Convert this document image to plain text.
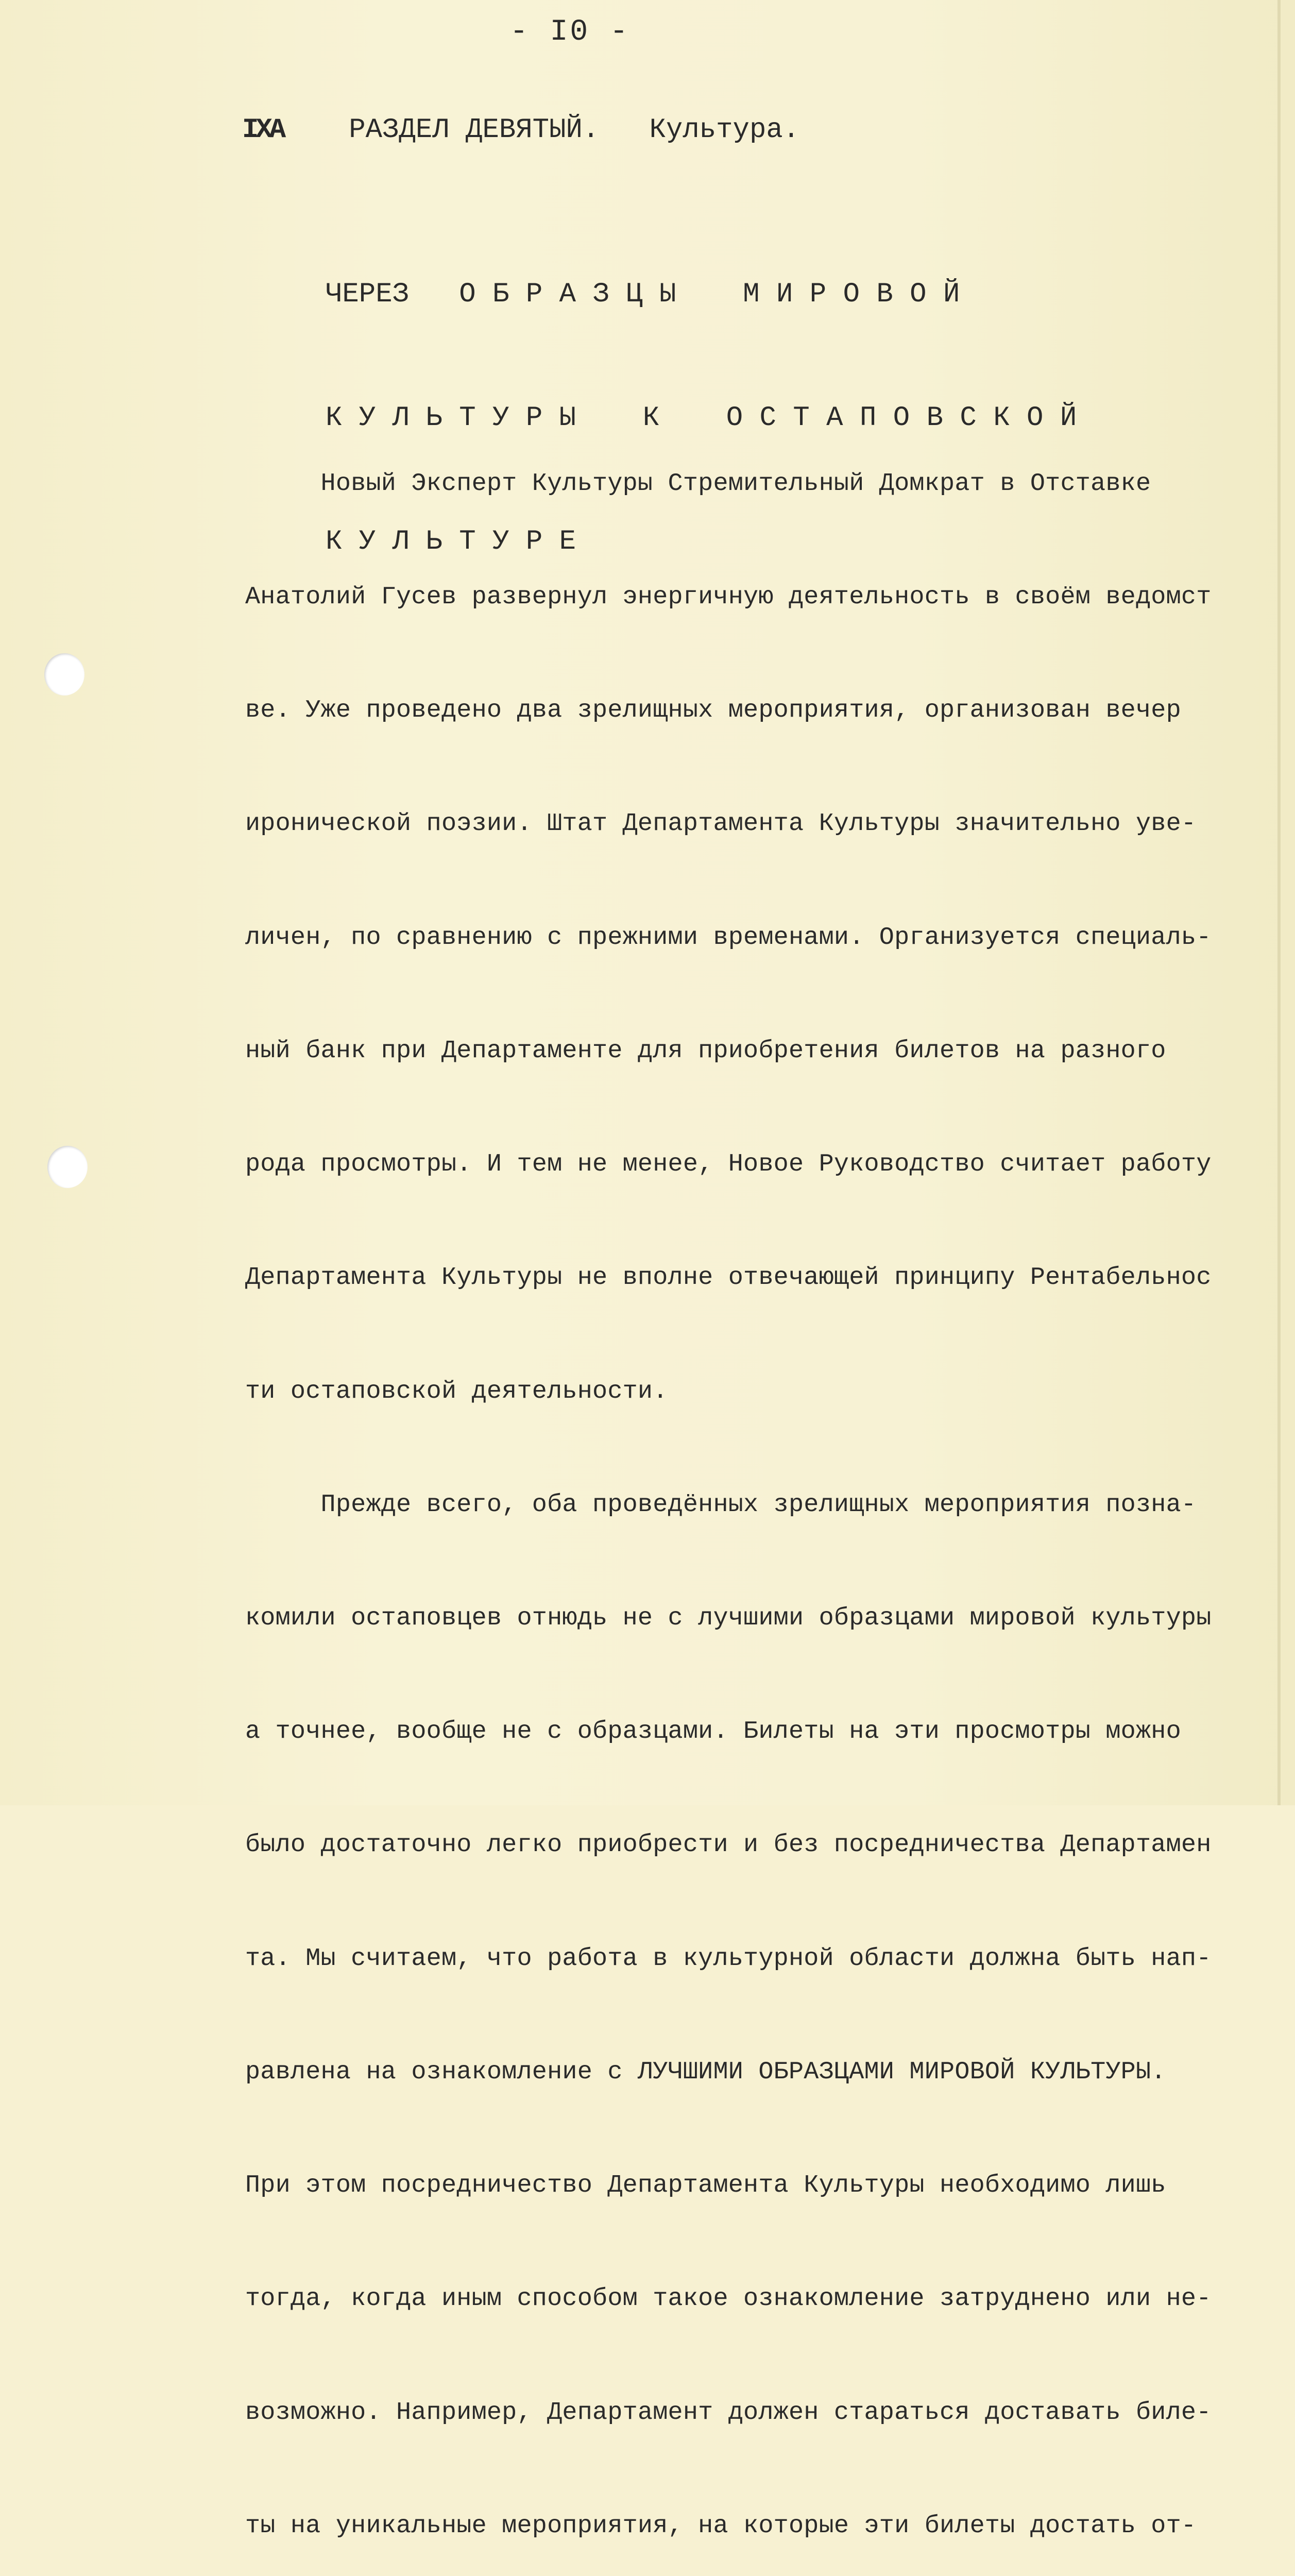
- I0 -
IXA РАЗДЕЛ ДЕВЯТЫЙ.   Культура.

ЧЕРЕЗ   О Б Р А З Ц Ы    М И Р О В О Й

К У Л Ь Т У Р Ы    К    О С Т А П О В С К О Й

К У Л Ь Т У Р Е

Новый Эксперт Культуры Стремительный Домкрат в Отставке

Анатолий Гусев развернул энергичную деятельность в своём ведомст

ве. Уже проведено два зрелищных мероприятия, организован вечер

иронической поэзии. Штат Департамента Культуры значительно уве-

личен, по сравнению с прежними временами. Организуется специаль-

ный банк при Департаменте для приобретения билетов на разного

рода просмотры. И тем не менее, Новое Руководство считает работу

Департамента Культуры не вполне отвечающей принципу Рентабельнос

ти остаповской деятельности.

Прежде всего, оба проведённых зрелищных мероприятия позна-

комили остаповцев отнюдь не с лучшими образцами мировой культуры

а точнее, вообще не с образцами. Билеты на эти просмотры можно

было достаточно легко приобрести и без посредничества Департамен

та. Мы считаем, что работа в культурной области должна быть нап-

равлена на ознакомление с ЛУЧШИМИ ОБРАЗЦАМИ МИРОВОЙ КУЛЬТУРЫ.

При этом посредничество Департамента Культуры необходимо лишь

тогда, когда иным способом такое ознакомление затруднено или не-

возможно. Например, Департамент должен стараться доставать биле-

ты на уникальные мероприятия, на которые эти билеты достать от-
